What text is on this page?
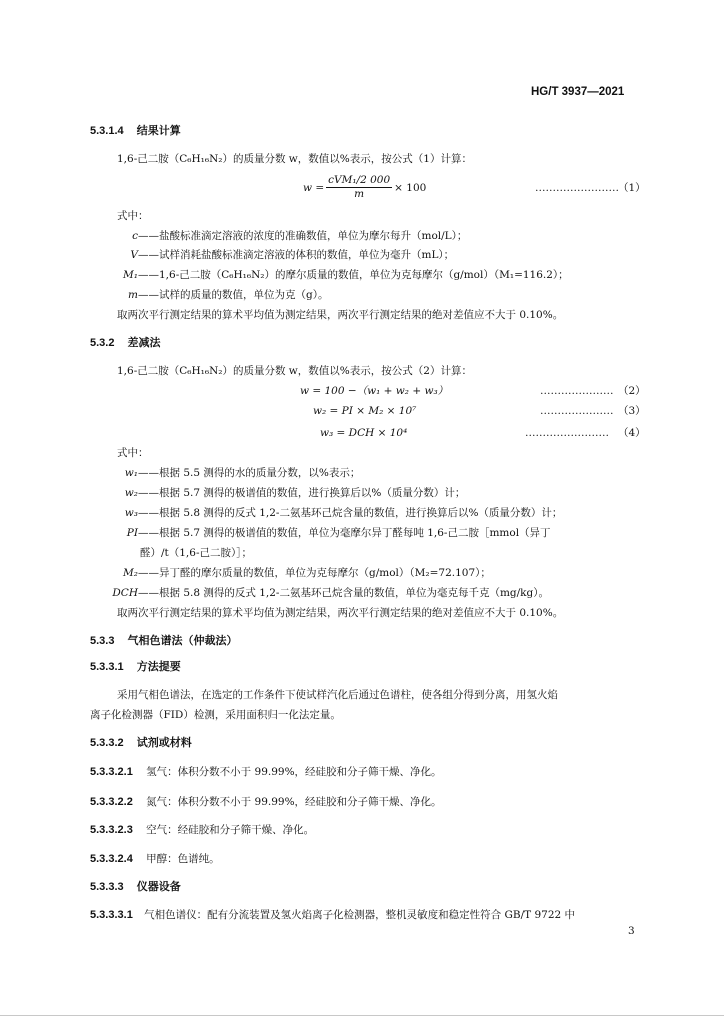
HG/T 3937—2021
5.3.1.4 结果计算
1,6-己二胺（C₆H₁₆N₂）的质量分数 w，数值以%表示，按公式（1）计算：
$w = \frac{\text{cVM₁/2 000}}{m} \times 100$	…………………… （1）
式中：
c——盐酸标准滴定溶液的浓度的准确数值，单位为摩尔每升（mol/L）；
V——试样消耗盐酸标准滴定溶液的体积的数值，单位为毫升（mL）；
M₁——1,6-己二胺（C₆H₁₆N₂）的摩尔质量的数值，单位为克每摩尔（g/mol）（M₁=116.2）；
m——试样的质量的数值，单位为克（g）。
取两次平行测定结果的算术平均值为测定结果，两次平行测定结果的绝对差值应不大于 0.10%。
5.3.2 差减法
1,6-己二胺（C₆H₁₆N₂）的质量分数 w，数值以%表示，按公式（2）计算：
w = 100 −（w₁ + w₂ + w₃）	………………… （2）
w₂ = PI × M₂ × 10⁷	………………… （3）
w₃ = DCH × 10⁴	…………………… （4）
式中：
w₁——根据 5.5 测得的水的质量分数，以%表示；
w₂——根据 5.7 测得的极谱值的数值，进行换算后以%（质量分数）计；
w₃——根据 5.8 测得的反式 1,2-二氨基环己烷含量的数值，进行换算后以%（质量分数）计；
PI——根据 5.7 测得的极谱值的数值，单位为毫摩尔异丁醛每吨 1,6-己二胺［mmol（异丁
醛）/t（1,6-己二胺）］；
M₂——异丁醛的摩尔质量的数值，单位为克每摩尔（g/mol）（M₂=72.107）；
DCH——根据 5.8 测得的反式 1,2-二氨基环己烷含量的数值，单位为毫克每千克（mg/kg）。
取两次平行测定结果的算术平均值为测定结果，两次平行测定结果的绝对差值应不大于 0.10%。
5.3.3 气相色谱法（仲裁法）
5.3.3.1 方法提要
采用气相色谱法，在选定的工作条件下使试样汽化后通过色谱柱，使各组分得到分离，用氢火焰
离子化检测器（FID）检测，采用面积归一化法定量。
5.3.3.2 试剂或材料
5.3.3.2.1 氢气：体积分数不小于 99.99%，经硅胶和分子筛干燥、净化。
5.3.3.2.2 氮气：体积分数不小于 99.99%，经硅胶和分子筛干燥、净化。
5.3.3.2.3 空气：经硅胶和分子筛干燥、净化。
5.3.3.2.4 甲醇：色谱纯。
5.3.3.3 仪器设备
5.3.3.3.1 气相色谱仪：配有分流装置及氢火焰离子化检测器，整机灵敏度和稳定性符合 GB/T 9722 中
3
